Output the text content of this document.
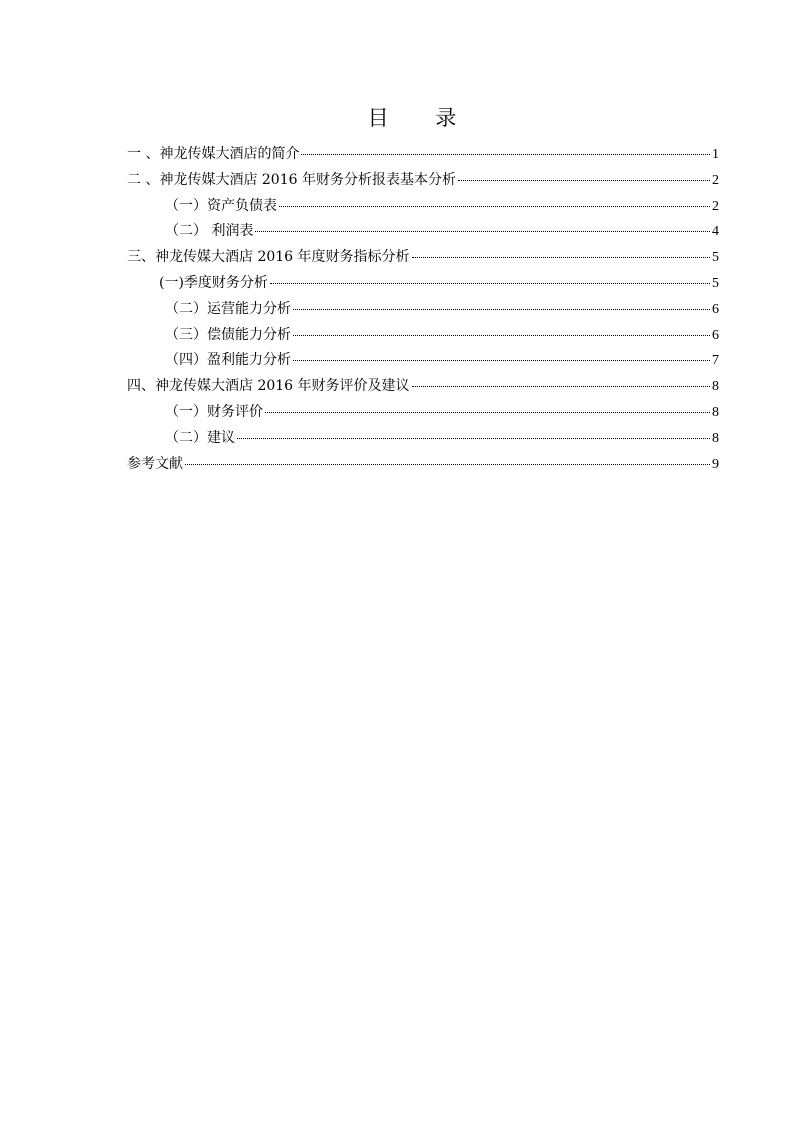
目 录
一 、神龙传媒大酒店的简介	1
二 、神龙传媒大酒店 2016 年财务分析报表基本分析	2
（一）资产负债表	2
（二） 利润表	4
三、神龙传媒大酒店 2016 年度财务指标分析	5
(一)季度财务分析	5
（二）运营能力分析	6
（三）偿债能力分析	6
（四）盈利能力分析	7
四、神龙传媒大酒店 2016 年财务评价及建议	8
（一）财务评价	8
（二）建议	8
参考文献	9
